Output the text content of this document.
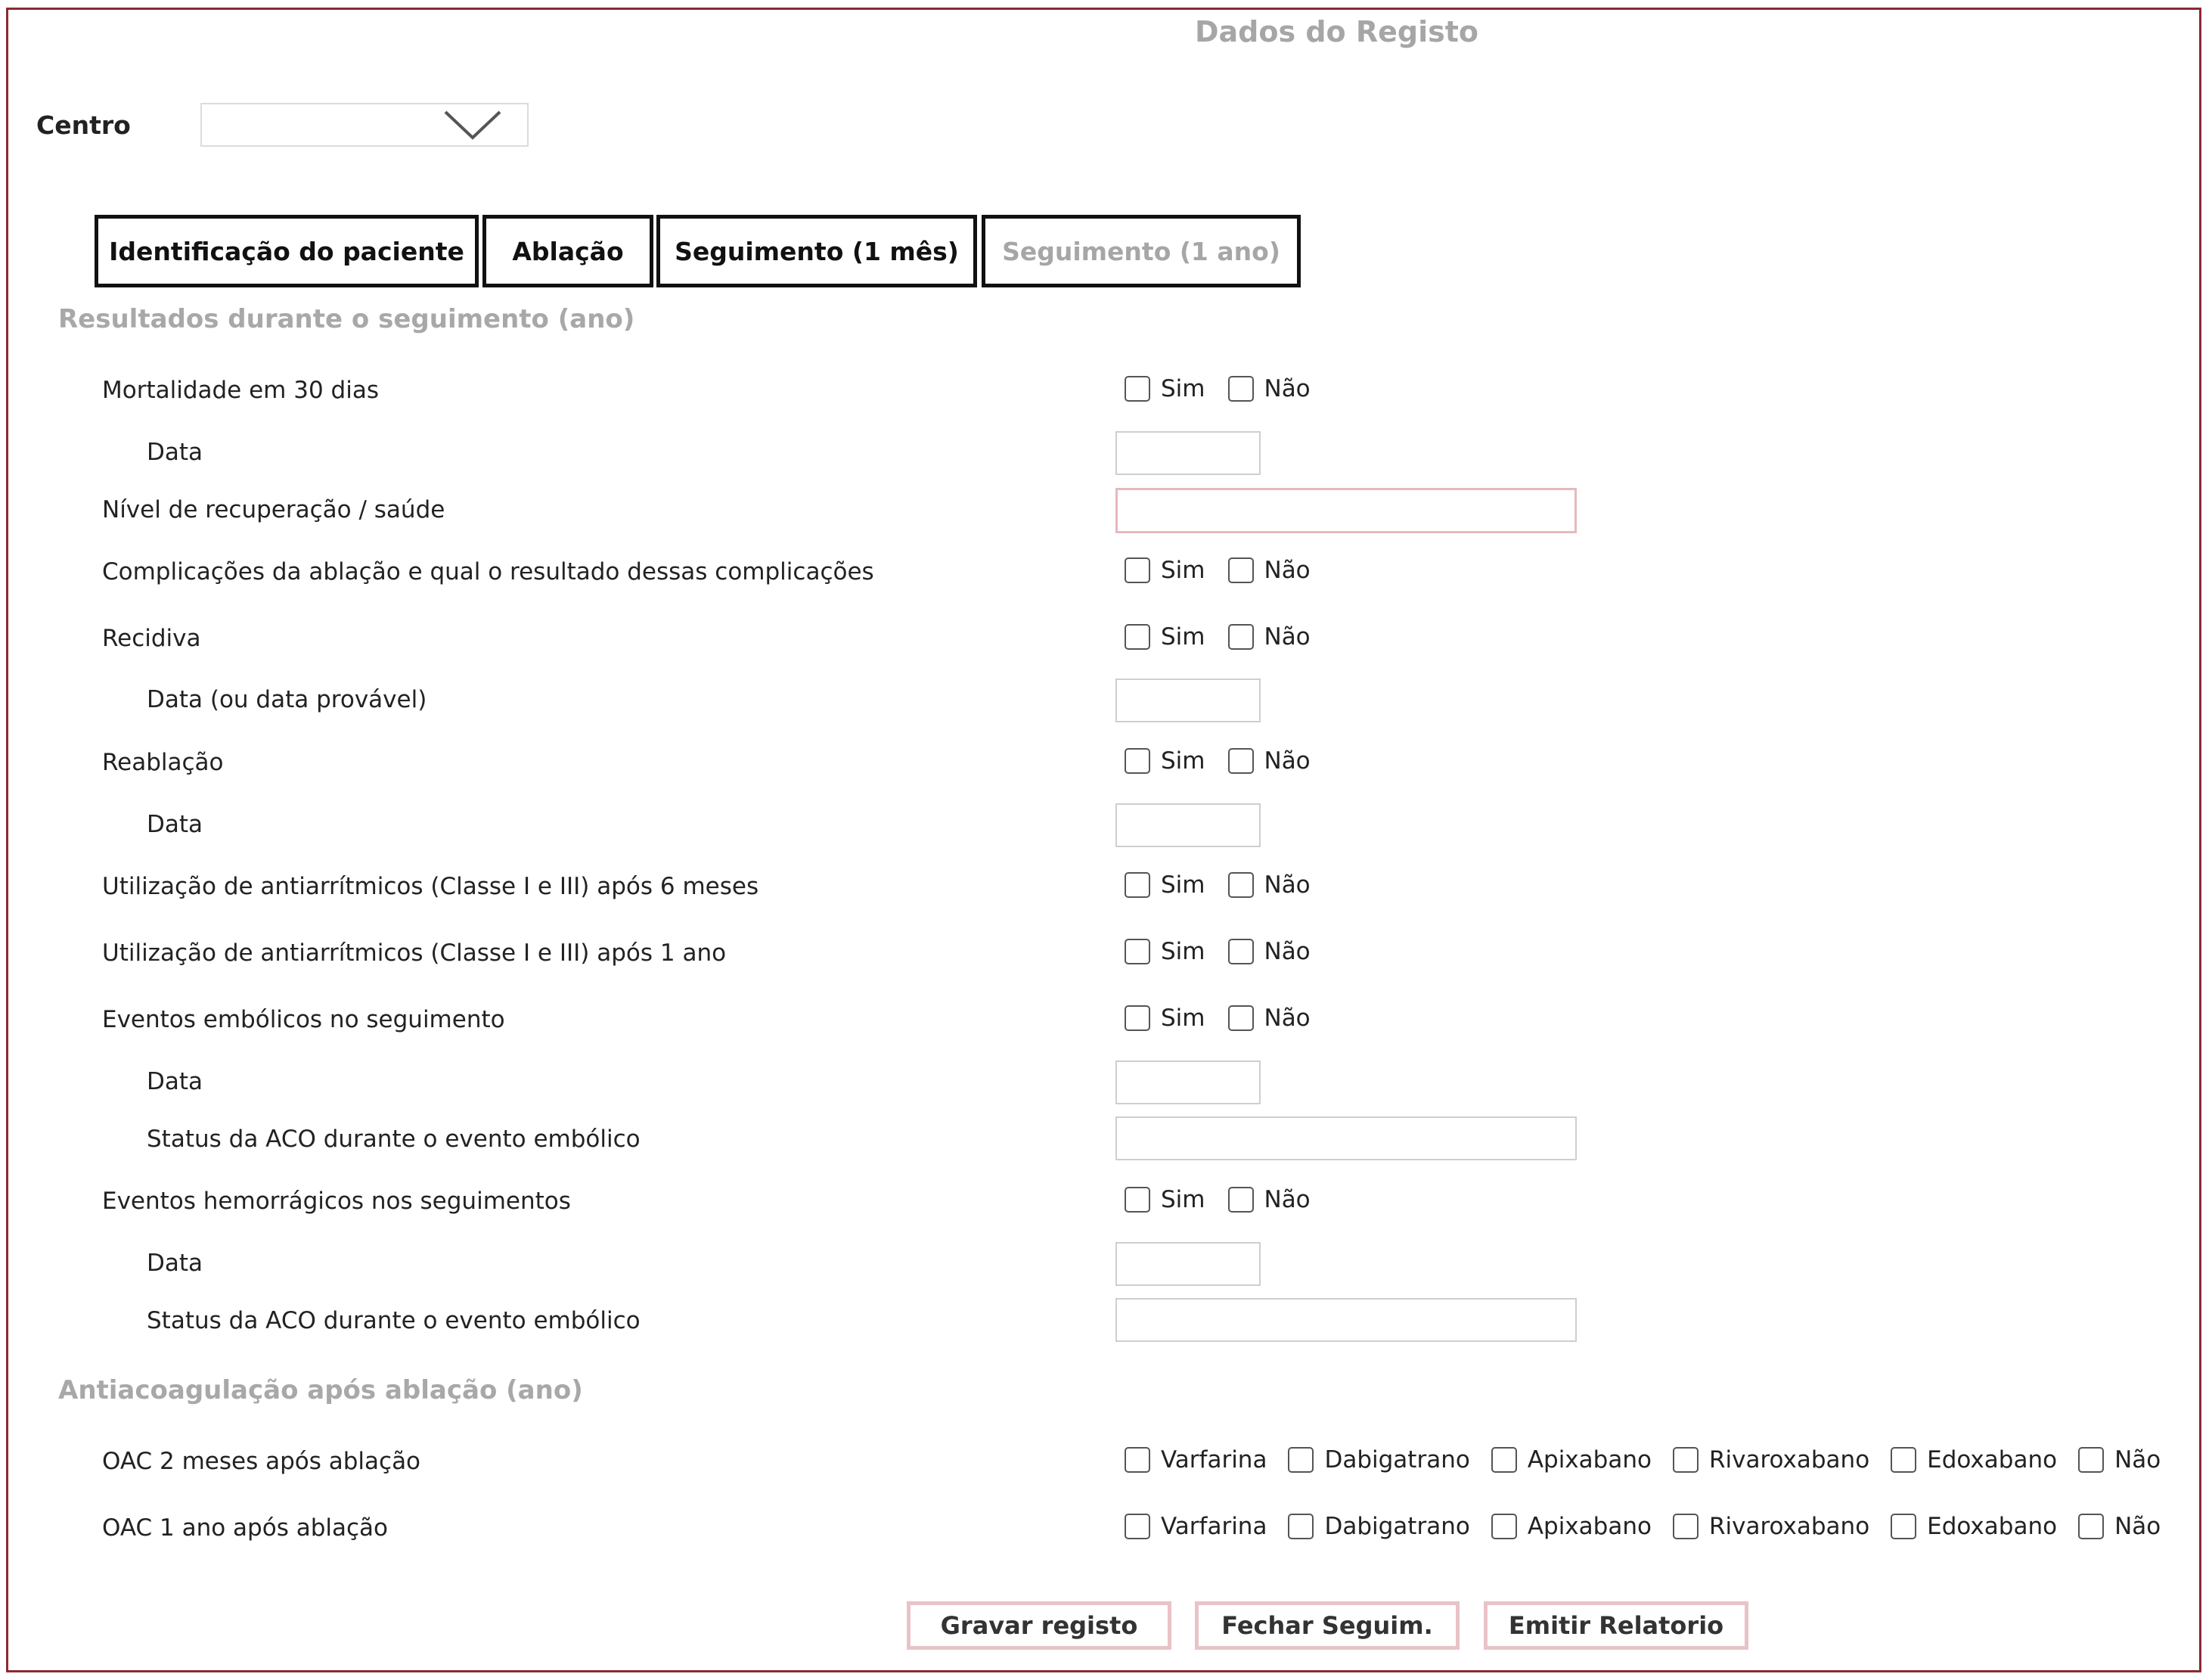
Dados do Registo
Centro
Identificação do paciente	Ablação	Seguimento (1 mês)	Seguimento (1 ano)
Resultados durante o seguimento (ano)
Mortalidade em 30 dias	Sim	Não
Data
Nível de recuperação / saúde
Complicações da ablação e qual o resultado dessas complicações	Sim	Não
Recidiva	Sim	Não
Data (ou data provável)
Reablação	Sim	Não
Data
Utilização de antiarrítmicos (Classe I e III) após 6 meses	Sim	Não
Utilização de antiarrítmicos (Classe I e III) após 1 ano	Sim	Não
Eventos embólicos no seguimento	Sim	Não
Data
Status da ACO durante o evento embólico
Eventos hemorrágicos nos seguimentos	Sim	Não
Data
Status da ACO durante o evento embólico
Antiacoagulação após ablação (ano)
OAC 2 meses após ablação	Varfarina Dabigatrano Apixabano Rivaroxabano Edoxabano Não
OAC 1 ano após ablação	Varfarina Dabigatrano Apixabano Rivaroxabano Edoxabano Não
Gravar registo	Fechar Seguim.	Emitir Relatorio
